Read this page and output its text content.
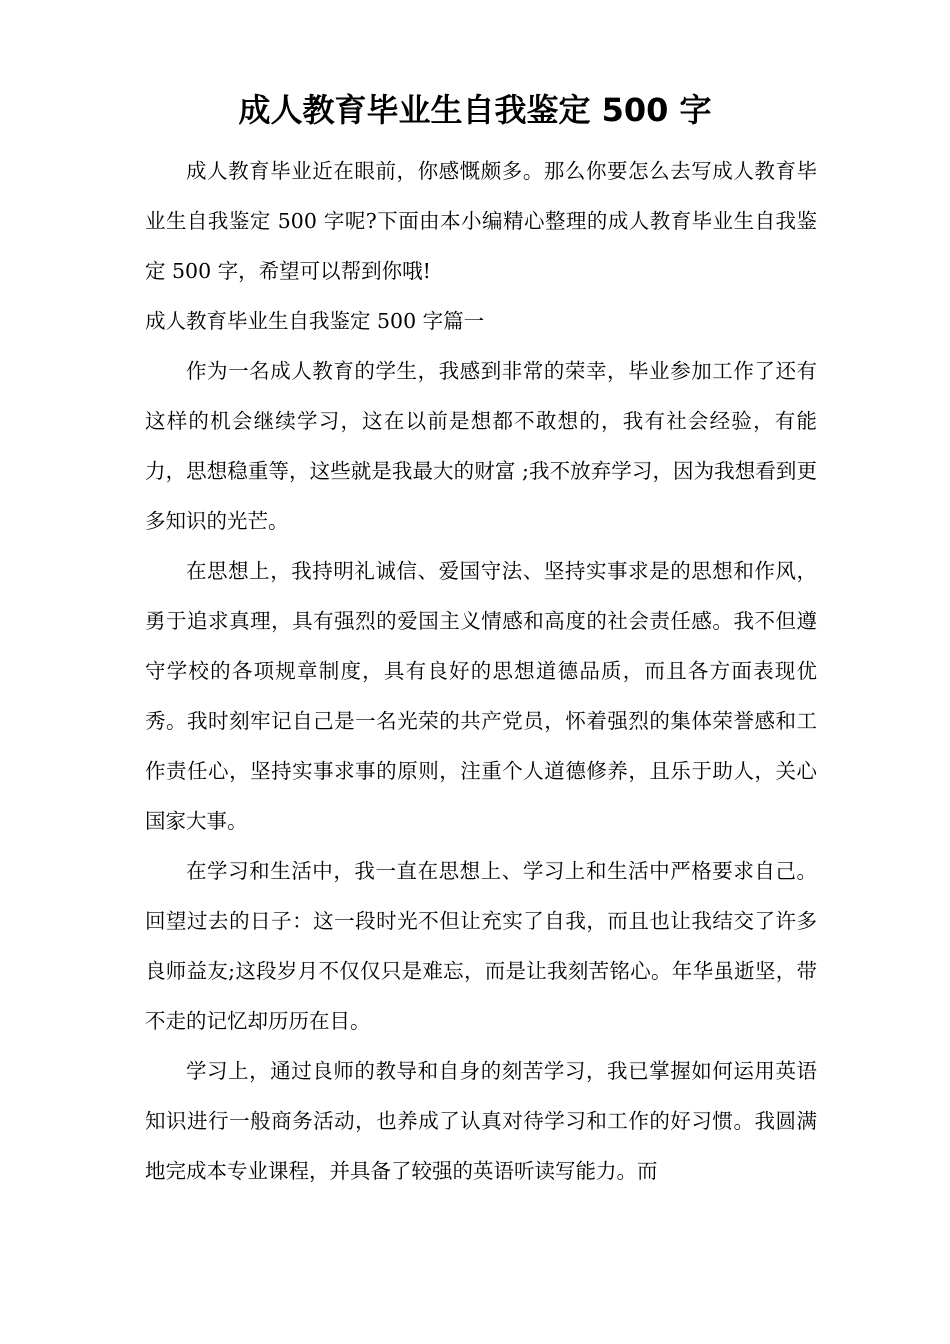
成人教育毕业生自我鉴定 500 字

成人教育毕业近在眼前，你感慨颇多。那么你要怎么去写成人教育毕业生自我鉴定 500 字呢?下面由本小编精心整理的成人教育毕业生自我鉴定 500 字，希望可以帮到你哦!

成人教育毕业生自我鉴定 500 字篇一

作为一名成人教育的学生，我感到非常的荣幸，毕业参加工作了还有这样的机会继续学习，这在以前是想都不敢想的，我有社会经验，有能力，思想稳重等，这些就是我最大的财富 ;我不放弃学习，因为我想看到更多知识的光芒。

在思想上，我持明礼诚信、爱国守法、坚持实事求是的思想和作风，勇于追求真理，具有强烈的爱国主义情感和高度的社会责任感。我不但遵守学校的各项规章制度，具有良好的思想道德品质，而且各方面表现优秀。我时刻牢记自己是一名光荣的共产党员，怀着强烈的集体荣誉感和工作责任心，坚持实事求事的原则，注重个人道德修养，且乐于助人，关心国家大事。

在学习和生活中，我一直在思想上、学习上和生活中严格要求自己。回望过去的日子：这一段时光不但让充实了自我，而且也让我结交了许多良师益友;这段岁月不仅仅只是难忘，而是让我刻苦铭心。年华虽逝坚，带不走的记忆却历历在目。

学习上，通过良师的教导和自身的刻苦学习，我已掌握如何运用英语知识进行一般商务活动，也养成了认真对待学习和工作的好习惯。我圆满地完成本专业课程，并具备了较强的英语听读写能力。而
